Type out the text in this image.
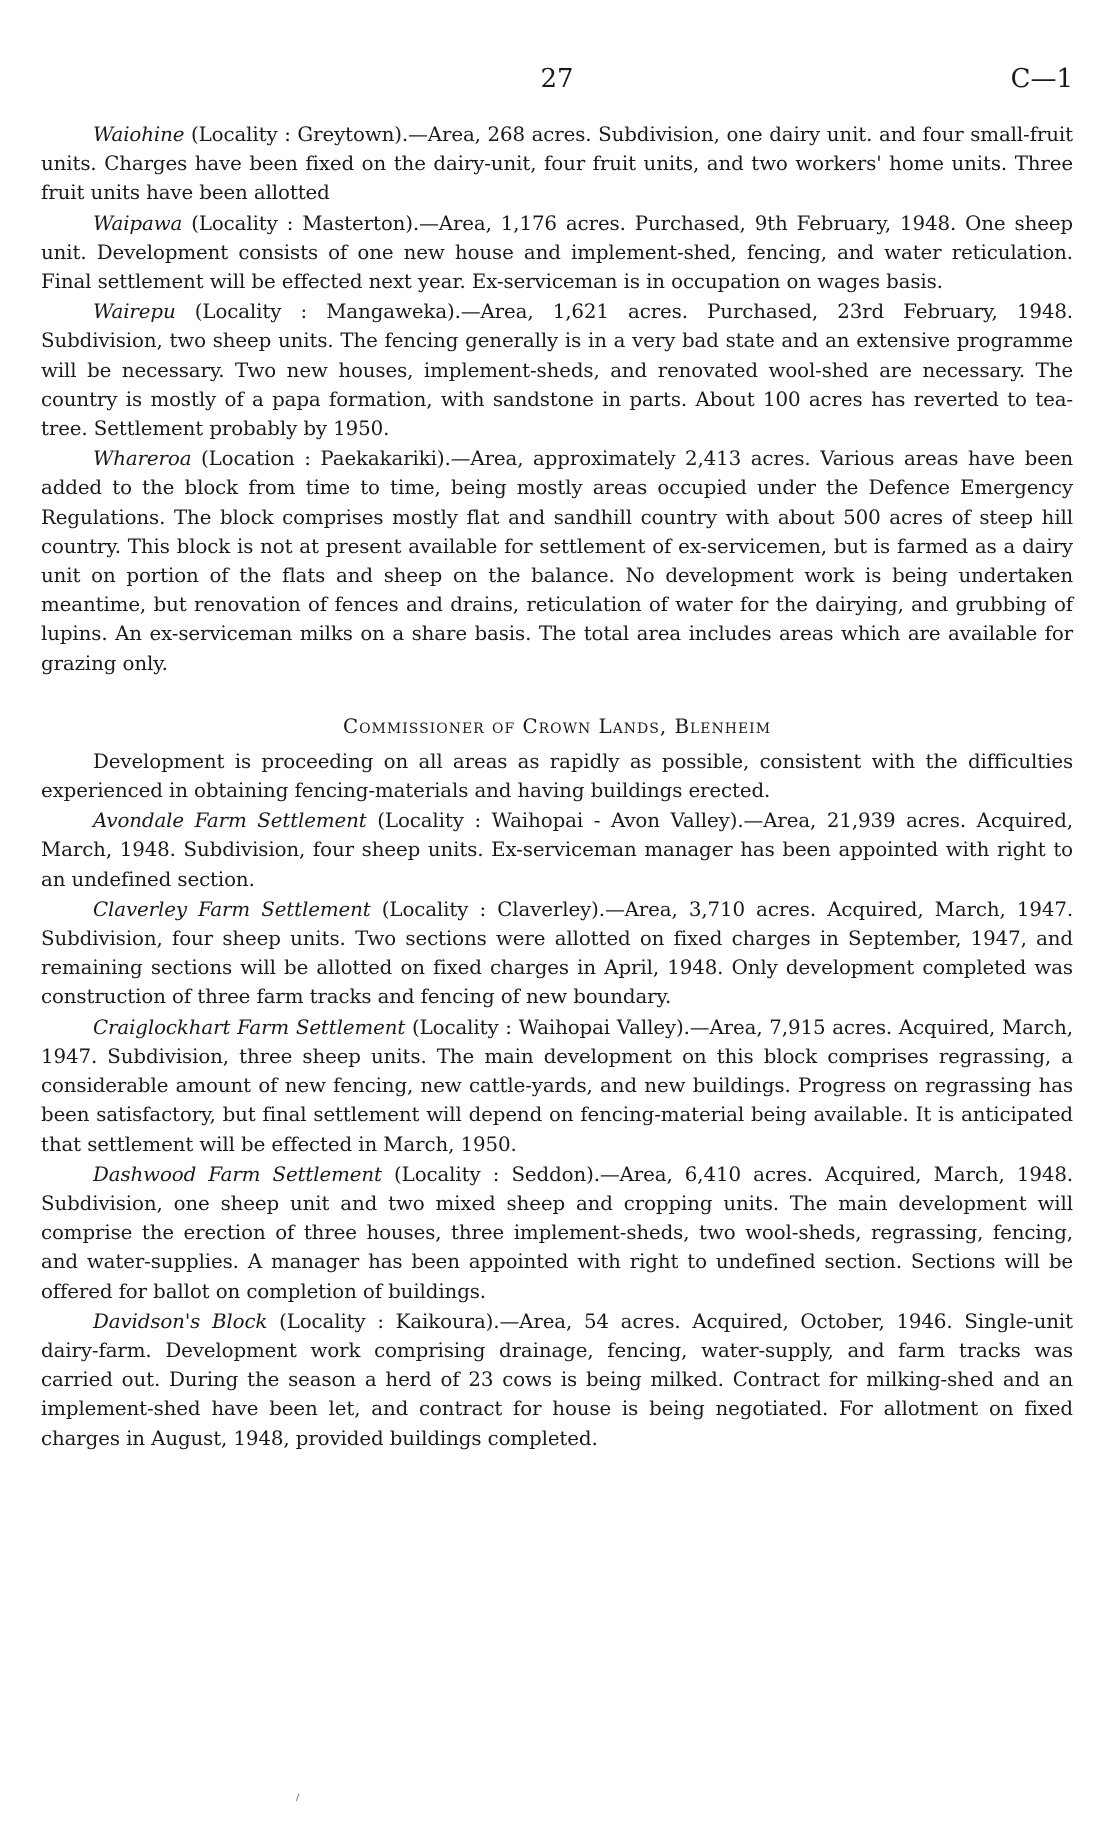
27	C—1

Waiohine (Locality : Greytown).—Area, 268 acres. Subdivision, one dairy unit. and four small-fruit units. Charges have been fixed on the dairy-unit, four fruit units, and two workers' home units. Three fruit units have been allotted

Waipawa (Locality : Masterton).—Area, 1,176 acres. Purchased, 9th February, 1948. One sheep unit. Development consists of one new house and implement-shed, fencing, and water reticulation. Final settlement will be effected next year. Ex-serviceman is in occupation on wages basis.

Wairepu (Locality : Mangaweka).—Area, 1,621 acres. Purchased, 23rd February, 1948. Subdivision, two sheep units. The fencing generally is in a very bad state and an extensive programme will be necessary. Two new houses, implement-sheds, and renovated wool-shed are necessary. The country is mostly of a papa formation, with sandstone in parts. About 100 acres has reverted to tea-tree. Settlement probably by 1950.

Whareroa (Location : Paekakariki).—Area, approximately 2,413 acres. Various areas have been added to the block from time to time, being mostly areas occupied under the Defence Emergency Regulations. The block comprises mostly flat and sandhill country with about 500 acres of steep hill country. This block is not at present available for settlement of ex-servicemen, but is farmed as a dairy unit on portion of the flats and sheep on the balance. No development work is being undertaken meantime, but renovation of fences and drains, reticulation of water for the dairying, and grubbing of lupins. An ex-serviceman milks on a share basis. The total area includes areas which are available for grazing only.

Commissioner of Crown Lands, Blenheim

Development is proceeding on all areas as rapidly as possible, consistent with the difficulties experienced in obtaining fencing-materials and having buildings erected.

Avondale Farm Settlement (Locality : Waihopai - Avon Valley).—Area, 21,939 acres. Acquired, March, 1948. Subdivision, four sheep units. Ex-serviceman manager has been appointed with right to an undefined section.

Claverley Farm Settlement (Locality : Claverley).—Area, 3,710 acres. Acquired, March, 1947. Subdivision, four sheep units. Two sections were allotted on fixed charges in September, 1947, and remaining sections will be allotted on fixed charges in April, 1948. Only development completed was construction of three farm tracks and fencing of new boundary.

Craiglockhart Farm Settlement (Locality : Waihopai Valley).—Area, 7,915 acres. Acquired, March, 1947. Subdivision, three sheep units. The main development on this block comprises regrassing, a considerable amount of new fencing, new cattle-yards, and new buildings. Progress on regrassing has been satisfactory, but final settlement will depend on fencing-material being available. It is anticipated that settlement will be effected in March, 1950.

Dashwood Farm Settlement (Locality : Seddon).—Area, 6,410 acres. Acquired, March, 1948. Subdivision, one sheep unit and two mixed sheep and cropping units. The main development will comprise the erection of three houses, three implement-sheds, two wool-sheds, regrassing, fencing, and water-supplies. A manager has been appointed with right to undefined section. Sections will be offered for ballot on completion of buildings.

Davidson's Block (Locality : Kaikoura).—Area, 54 acres. Acquired, October, 1946. Single-unit dairy-farm. Development work comprising drainage, fencing, water-supply, and farm tracks was carried out. During the season a herd of 23 cows is being milked. Contract for milking-shed and an implement-shed have been let, and contract for house is being negotiated. For allotment on fixed charges in August, 1948, provided buildings completed.
